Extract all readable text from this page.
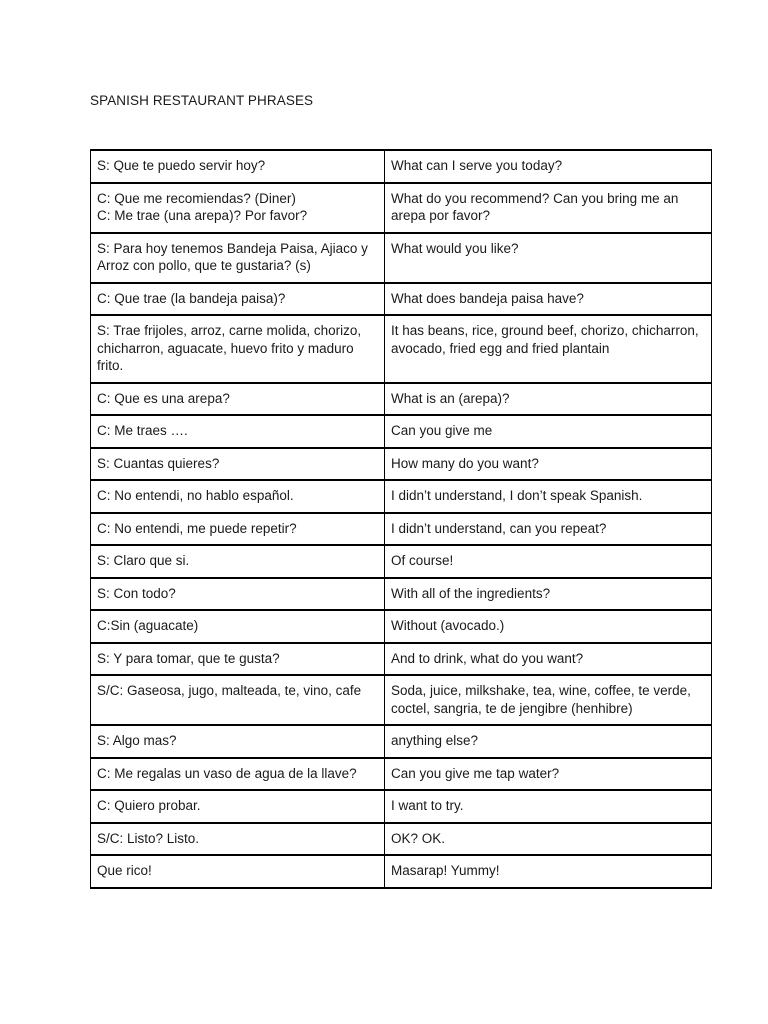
SPANISH RESTAURANT PHRASES
S: Que te puedo servir hoy?	What can I serve you today?
C: Que me recomiendas? (Diner)
C: Me trae (una arepa)? Por favor?	What do you recommend? Can you bring me an arepa por favor?
S: Para hoy tenemos Bandeja Paisa, Ajiaco y Arroz con pollo, que te gustaria? (s)	What would you like?
C: Que trae (la bandeja paisa)?	What does bandeja paisa have?
S: Trae frijoles, arroz, carne molida, chorizo, chicharron, aguacate, huevo frito y maduro frito.	It has beans, rice, ground beef, chorizo, chicharron, avocado, fried egg and fried plantain
C: Que es una arepa?	What is an (arepa)?
C: Me traes ….	Can you give me
S: Cuantas quieres?	How many do you want?
C: No entendi, no hablo español.	I didn’t understand, I don’t speak Spanish.
C: No entendi, me puede repetir?	I didn’t understand, can you repeat?
S: Claro que si.	Of course!
S: Con todo?	With all of the ingredients?
C:Sin (aguacate)	Without (avocado.)
S: Y para tomar, que te gusta?	And to drink, what do you want?
S/C: Gaseosa, jugo, malteada, te, vino, cafe	Soda, juice, milkshake, tea, wine, coffee, te verde, coctel, sangria, te de jengibre (henhibre)
S: Algo mas?	anything else?
C: Me regalas un vaso de agua de la llave?	Can you give me tap water?
C: Quiero probar.	I want to try.
S/C: Listo? Listo.	OK? OK.
Que rico!	Masarap! Yummy!
